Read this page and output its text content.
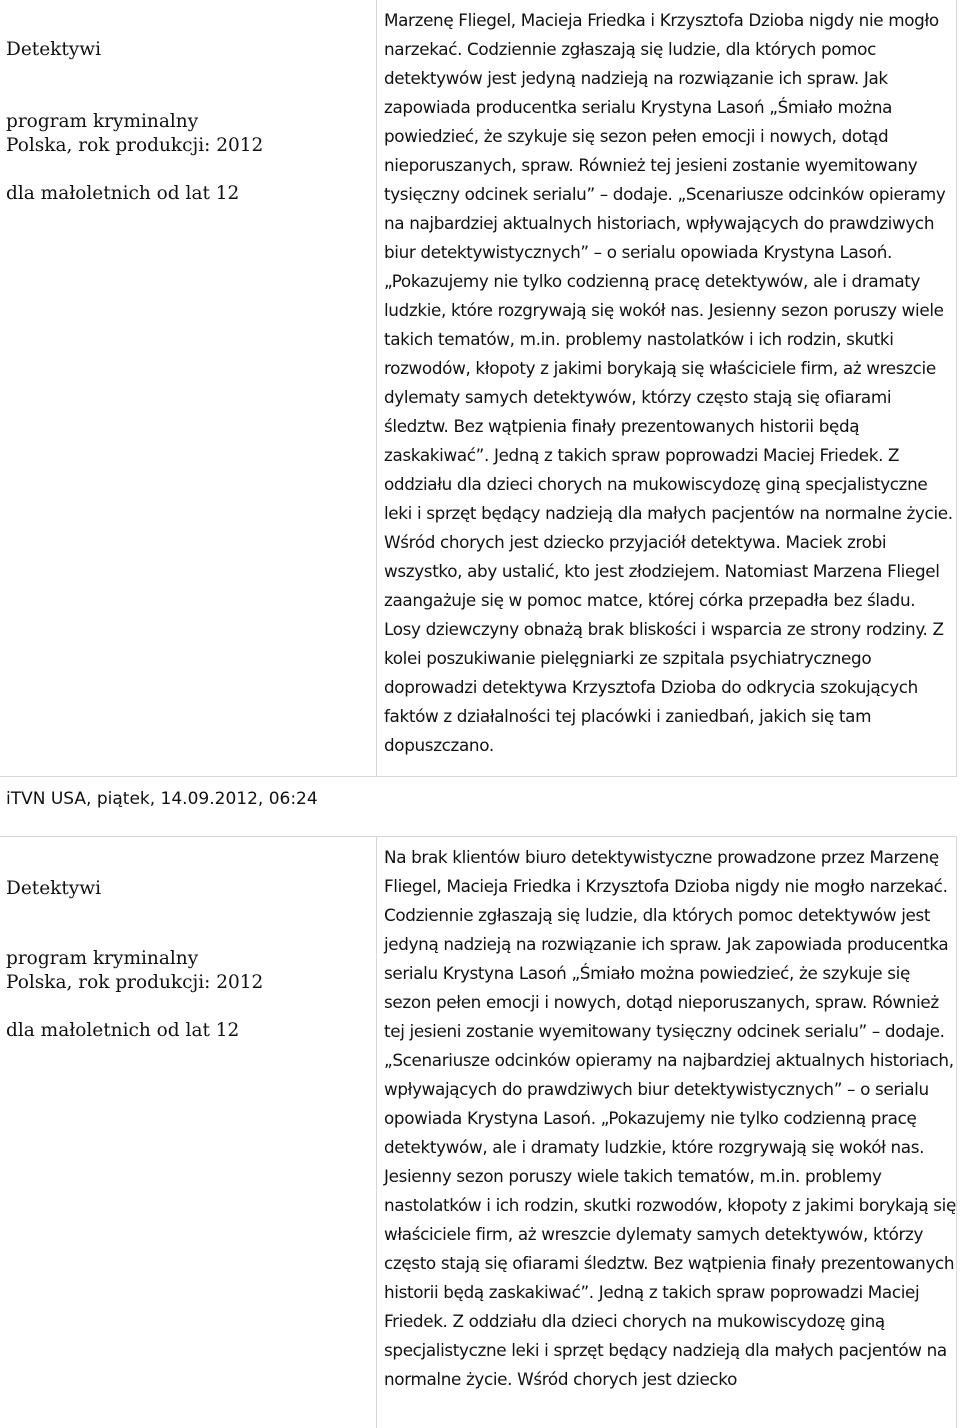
Detektywi
program kryminalny
Polska, rok produkcji: 2012
dla małoletnich od lat 12

Marzenę Fliegel, Macieja Friedka i Krzysztofa Dzioba nigdy nie mogło narzekać. Codziennie zgłaszają się ludzie, dla których pomoc detektywów jest jedyną nadzieją na rozwiązanie ich spraw. Jak zapowiada producentka serialu Krystyna Lasoń „Śmiało można powiedzieć, że szykuje się sezon pełen emocji i nowych, dotąd nieporuszanych, spraw. Również tej jesieni zostanie wyemitowany tysięczny odcinek serialu” – dodaje. „Scenariusze odcinków opieramy na najbardziej aktualnych historiach, wpływających do prawdziwych biur detektywistycznych” – o serialu opowiada Krystyna Lasoń. „Pokazujemy nie tylko codzienną pracę detektywów, ale i dramaty ludzkie, które rozgrywają się wokół nas. Jesienny sezon poruszy wiele takich tematów, m.in. problemy nastolatków i ich rodzin, skutki rozwodów, kłopoty z jakimi borykają się właściciele firm, aż wreszcie dylematy samych detektywów, którzy często stają się ofiarami śledztw. Bez wątpienia finały prezentowanych historii będą zaskakiwać”. Jedną z takich spraw poprowadzi Maciej Friedek. Z oddziału dla dzieci chorych na mukowiscydozę giną specjalistyczne leki i sprzęt będący nadzieją dla małych pacjentów na normalne życie. Wśród chorych jest dziecko przyjaciół detektywa. Maciek zrobi wszystko, aby ustalić, kto jest złodziejem. Natomiast Marzena Fliegel zaangażuje się w pomoc matce, której córka przepadła bez śladu. Losy dziewczyny obnażą brak bliskości i wsparcia ze strony rodziny. Z kolei poszukiwanie pielęgniarki ze szpitala psychiatrycznego doprowadzi detektywa Krzysztofa Dzioba do odkrycia szokujących faktów z działalności tej placówki i zaniedbań, jakich się tam dopuszczano.

iTVN USA, piątek, 14.09.2012, 06:24
Detektywi
program kryminalny
Polska, rok produkcji: 2012
dla małoletnich od lat 12

Na brak klientów biuro detektywistyczne prowadzone przez Marzenę Fliegel, Macieja Friedka i Krzysztofa Dzioba nigdy nie mogło narzekać. Codziennie zgłaszają się ludzie, dla których pomoc detektywów jest jedyną nadzieją na rozwiązanie ich spraw. Jak zapowiada producentka serialu Krystyna Lasoń „Śmiało można powiedzieć, że szykuje się sezon pełen emocji i nowych, dotąd nieporuszanych, spraw. Również tej jesieni zostanie wyemitowany tysięczny odcinek serialu” – dodaje. „Scenariusze odcinków opieramy na najbardziej aktualnych historiach, wpływających do prawdziwych biur detektywistycznych” – o serialu opowiada Krystyna Lasoń. „Pokazujemy nie tylko codzienną pracę detektywów, ale i dramaty ludzkie, które rozgrywają się wokół nas. Jesienny sezon poruszy wiele takich tematów, m.in. problemy nastolatków i ich rodzin, skutki rozwodów, kłopoty z jakimi borykają się właściciele firm, aż wreszcie dylematy samych detektywów, którzy często stają się ofiarami śledztw. Bez wątpienia finały prezentowanych historii będą zaskakiwać”. Jedną z takich spraw poprowadzi Maciej Friedek. Z oddziału dla dzieci chorych na mukowiscydozę giną specjalistyczne leki i sprzęt będący nadzieją dla małych pacjentów na normalne życie. Wśród chorych jest dziecko
